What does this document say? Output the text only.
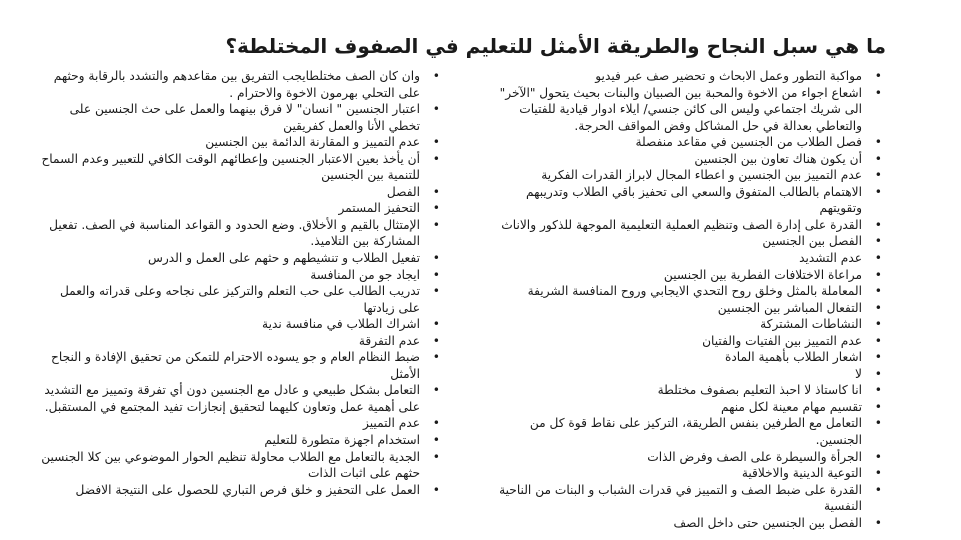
ما هي سبل النجاح والطريقة الأمثل للتعليم في الصفوف المختلطة؟
• مواكبة التطور وعمل الابحاث و تحضير صف عبر فيديو
• اشعاع اجواء من الاخوة والمحبة بين الصبيان والبنات بحيث يتحول "الآخر" الى شريك اجتماعي وليس الى كائن جنسي/ ايلاء ادوار قيادية للفتيات والتعاطي بعدالة في حل المشاكل وفض المواقف الحرجة.
• فصل الطلاب من الجنسين في مقاعد منفصلة
• أن يكون هناك تعاون بين الجنسين
• عدم التمييز بين الجنسين و اعطاء المجال لابراز القدرات الفكرية
• الاهتمام بالطالب المتفوق والسعي الى تحفيز باقي الطلاب وتدريبهم وتقويتهم
• القدرة على إدارة الصف وتنظيم العملية التعليمية الموجهة للذكور والاناث
• الفصل بين الجنسين
• عدم التشديد
• مراعاة الاختلافات الفطرية بين الجنسين
• المعاملة بالمثل وخلق روح التحدي الايجابي وروح المنافسة الشريفة
• التفعال المباشر بين الجنسين
• النشاطات المشتركة
• عدم التمييز بين الفتيات والفتيان
• اشعار الطلاب بأهمية المادة
• لا
• انا كاستاذ لا احبذ التعليم بصفوف مختلطة
• تقسيم مهام معينة لكل منهم
• التعامل مع الطرفين بنفس الطريقة، التركيز على نقاط قوة كل من الجنسين.
• الجرأة والسيطرة على الصف وفرض الذات
• التوعية الدينية والاخلاقية
• القدرة على ضبط الصف و التمييز في قدرات الشباب و البنات من الناحية النفسية
• الفصل بين الجنسين حتى داخل الصف
• وان كان الصف مختلطايجب التفريق بين مقاعدهم والتشدد بالرقابة وحثهم على التحلي بهرمون الاخوة والاحترام .
• اعتبار الجنسين " انسان" لا فرق بينهما والعمل على حث الجنسين على تخطي الأنا والعمل كفريقين
• عدم التمييز و المقارنة الدائمة بين الجنسين
• أن يأخذ بعين الاعتبار الجنسين وإعطائهم الوقت الكافي للتعبير وعدم السماح للتنمية بين الجنسين
• الفصل
• التحفيز المستمر
• الإمتثال بالقيم و الأخلاق. وضع الحدود و القواعد المناسبة في الصف. تفعيل المشاركة بين التلاميذ.
• تفعيل الطلاب و تنشيطهم و حثهم على العمل و الدرس
• ايجاد جو من المنافسة
• تدريب الطالب على حب التعلم والتركيز على نجاحه وعلى قدراته والعمل على زيادتها
• اشراك الطلاب في منافسة ندية
• عدم التفرقة
• ضبط النظام العام و جو يسوده الاحترام للتمكن من تحقيق الإفادة و النجاح الأمثل
• التعامل بشكل طبيعي و عادل مع الجنسين دون أي تفرقة وتمييز مع التشديد على أهمية عمل وتعاون كليهما لتحقيق إنجازات تفيد المجتمع في المستقبل.
• عدم التمييز
• استخدام اجهزة متطورة للتعليم
• الجدية بالتعامل مع الطلاب محاولة تنظيم الحوار الموضوعي بين كلا الجنسين حثهم على اثبات الذات
• العمل على التحفيز و خلق فرص التباري للحصول على النتيجة الافضل
